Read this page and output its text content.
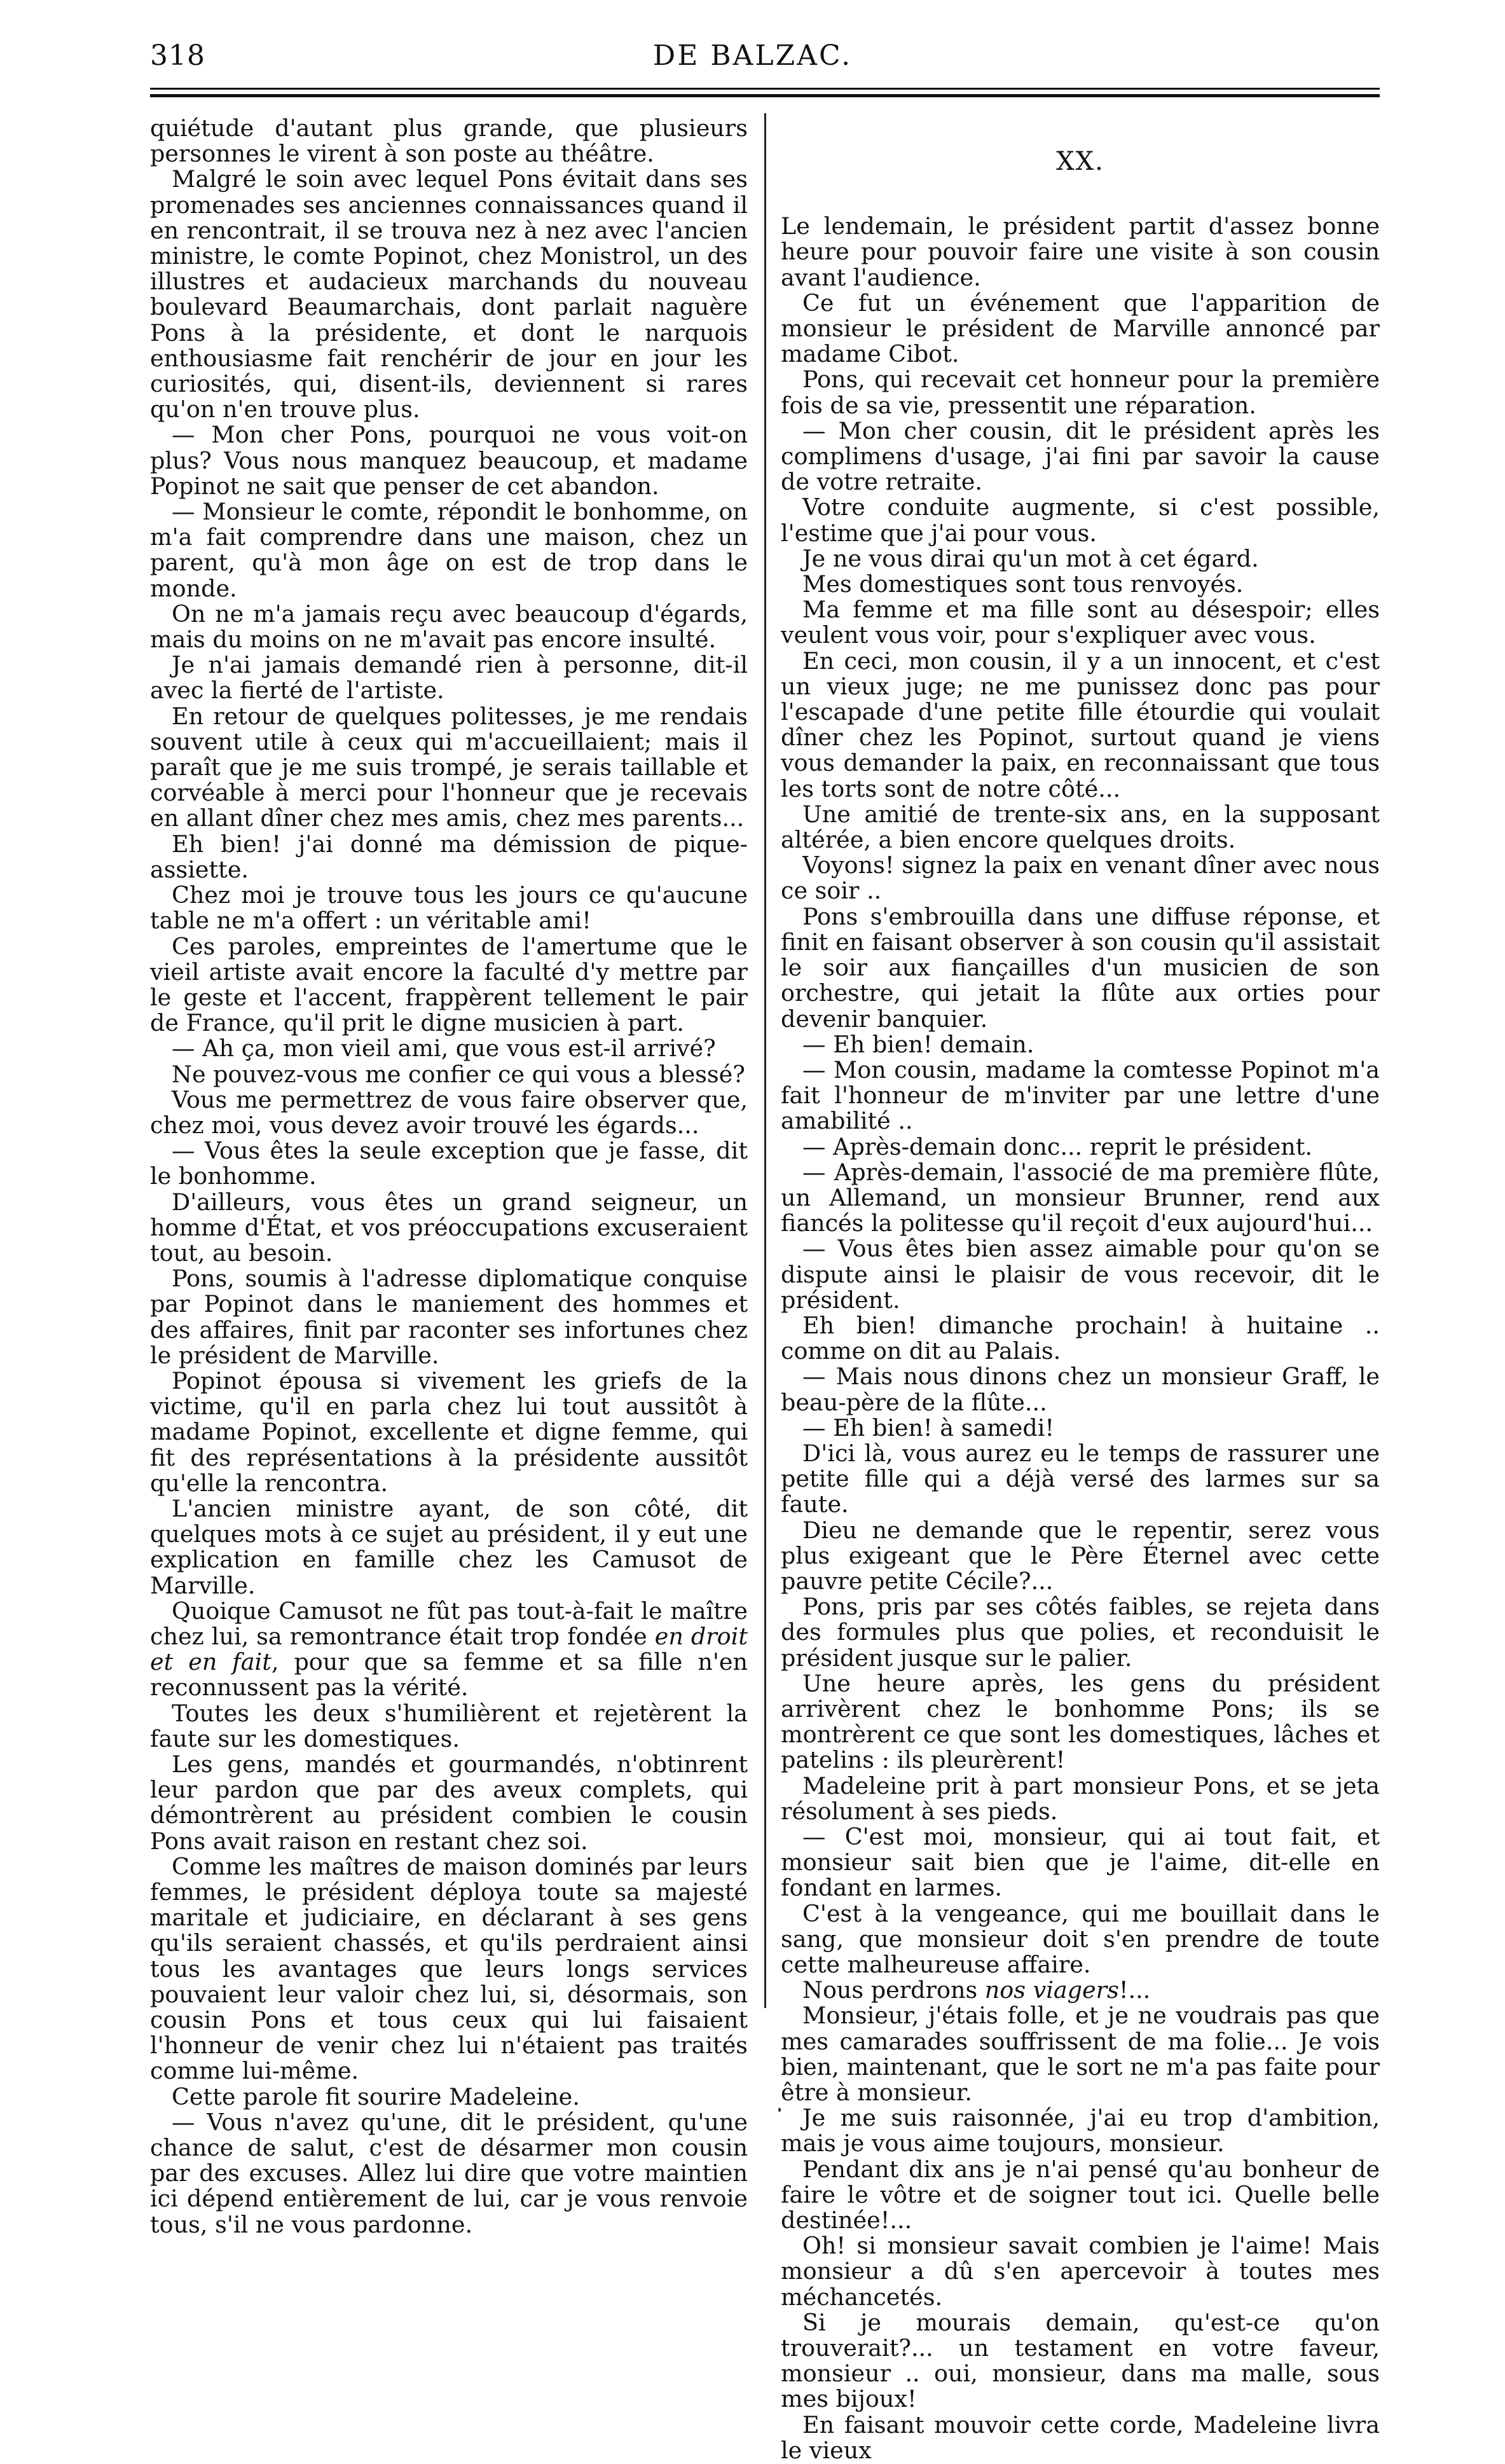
318	DE BALZAC.

quiétude d'autant plus grande, que plusieurs personnes le virent à son poste au théâtre.

Malgré le soin avec lequel Pons évitait dans ses promenades ses anciennes connaissances quand il en rencontrait, il se trouva nez à nez avec l'ancien ministre, le comte Popinot, chez Monistrol, un des illustres et audacieux marchands du nouveau boulevard Beaumarchais, dont parlait naguère Pons à la présidente, et dont le narquois enthousiasme fait renchérir de jour en jour les curiosités, qui, disent-ils, deviennent si rares qu'on n'en trouve plus.

— Mon cher Pons, pourquoi ne vous voit-on plus? Vous nous manquez beaucoup, et madame Popinot ne sait que penser de cet abandon.

— Monsieur le comte, répondit le bonhomme, on m'a fait comprendre dans une maison, chez un parent, qu'à mon âge on est de trop dans le monde.

On ne m'a jamais reçu avec beaucoup d'égards, mais du moins on ne m'avait pas encore insulté.

Je n'ai jamais demandé rien à personne, dit-il avec la fierté de l'artiste.

En retour de quelques politesses, je me rendais souvent utile à ceux qui m'accueillaient; mais il paraît que je me suis trompé, je serais taillable et corvéable à merci pour l'honneur que je recevais en allant dîner chez mes amis, chez mes parents...

Eh bien! j'ai donné ma démission de pique-assiette.

Chez moi je trouve tous les jours ce qu'aucune table ne m'a offert : un véritable ami!

Ces paroles, empreintes de l'amertume que le vieil artiste avait encore la faculté d'y mettre par le geste et l'accent, frappèrent tellement le pair de France, qu'il prit le digne musicien à part.

— Ah ça, mon vieil ami, que vous est-il arrivé?

Ne pouvez-vous me confier ce qui vous a blessé?

Vous me permettrez de vous faire observer que, chez moi, vous devez avoir trouvé les égards...

— Vous êtes la seule exception que je fasse, dit le bonhomme.

D'ailleurs, vous êtes un grand seigneur, un homme d'État, et vos préoccupations excuseraient tout, au besoin.

Pons, soumis à l'adresse diplomatique conquise par Popinot dans le maniement des hommes et des affaires, finit par raconter ses infortunes chez le président de Marville.

Popinot épousa si vivement les griefs de la victime, qu'il en parla chez lui tout aussitôt à madame Popinot, excellente et digne femme, qui fit des représentations à la présidente aussitôt qu'elle la rencontra.

L'ancien ministre ayant, de son côté, dit quelques mots à ce sujet au président, il y eut une explication en famille chez les Camusot de Marville.

Quoique Camusot ne fût pas tout-à-fait le maître chez lui, sa remontrance était trop fondée en droit et en fait, pour que sa femme et sa fille n'en reconnussent pas la vérité.

Toutes les deux s'humilièrent et rejetèrent la faute sur les domestiques.

Les gens, mandés et gourmandés, n'obtinrent leur pardon que par des aveux complets, qui démontrèrent au président combien le cousin Pons avait raison en restant chez soi.

Comme les maîtres de maison dominés par leurs femmes, le président déploya toute sa majesté maritale et judiciaire, en déclarant à ses gens qu'ils seraient chassés, et qu'ils perdraient ainsi tous les avantages que leurs longs services pouvaient leur valoir chez lui, si, désormais, son cousin Pons et tous ceux qui lui faisaient l'honneur de venir chez lui n'étaient pas traités comme lui-même.

Cette parole fit sourire Madeleine.

— Vous n'avez qu'une, dit le président, qu'une chance de salut, c'est de désarmer mon cousin par des excuses. Allez lui dire que votre maintien ici dépend entièrement de lui, car je vous renvoie tous, s'il ne vous pardonne.

XX.

Le lendemain, le président partit d'assez bonne heure pour pouvoir faire une visite à son cousin avant l'audience.

Ce fut un événement que l'apparition de monsieur le président de Marville annoncé par madame Cibot.

Pons, qui recevait cet honneur pour la première fois de sa vie, pressentit une réparation.

— Mon cher cousin, dit le président après les complimens d'usage, j'ai fini par savoir la cause de votre retraite.

Votre conduite augmente, si c'est possible, l'estime que j'ai pour vous.

Je ne vous dirai qu'un mot à cet égard.

Mes domestiques sont tous renvoyés.

Ma femme et ma fille sont au désespoir; elles veulent vous voir, pour s'expliquer avec vous.

En ceci, mon cousin, il y a un innocent, et c'est un vieux juge; ne me punissez donc pas pour l'escapade d'une petite fille étourdie qui voulait dîner chez les Popinot, surtout quand je viens vous demander la paix, en reconnaissant que tous les torts sont de notre côté...

Une amitié de trente-six ans, en la supposant altérée, a bien encore quelques droits.

Voyons! signez la paix en venant dîner avec nous ce soir ..

Pons s'embrouilla dans une diffuse réponse, et finit en faisant observer à son cousin qu'il assistait le soir aux fiançailles d'un musicien de son orchestre, qui jetait la flûte aux orties pour devenir banquier.

— Eh bien! demain.

— Mon cousin, madame la comtesse Popinot m'a fait l'honneur de m'inviter par une lettre d'une amabilité ..

— Après-demain donc... reprit le président.

— Après-demain, l'associé de ma première flûte, un Allemand, un monsieur Brunner, rend aux fiancés la politesse qu'il reçoit d'eux aujourd'hui...

— Vous êtes bien assez aimable pour qu'on se dispute ainsi le plaisir de vous recevoir, dit le président.

Eh bien! dimanche prochain! à huitaine .. comme on dit au Palais.

— Mais nous dinons chez un monsieur Graff, le beau-père de la flûte...

— Eh bien! à samedi!

D'ici là, vous aurez eu le temps de rassurer une petite fille qui a déjà versé des larmes sur sa faute.

Dieu ne demande que le repentir, serez vous plus exigeant que le Père Éternel avec cette pauvre petite Cécile?...

Pons, pris par ses côtés faibles, se rejeta dans des formules plus que polies, et reconduisit le président jusque sur le palier.

Une heure après, les gens du président arrivèrent chez le bonhomme Pons; ils se montrèrent ce que sont les domestiques, lâches et patelins : ils pleurèrent!

Madeleine prit à part monsieur Pons, et se jeta résolument à ses pieds.

— C'est moi, monsieur, qui ai tout fait, et monsieur sait bien que je l'aime, dit-elle en fondant en larmes.

C'est à la vengeance, qui me bouillait dans le sang, que monsieur doit s'en prendre de toute cette malheureuse affaire.

Nous perdrons nos viagers!...

Monsieur, j'étais folle, et je ne voudrais pas que mes camarades souffrissent de ma folie... Je vois bien, maintenant, que le sort ne m'a pas faite pour être à monsieur.

Je me suis raisonnée, j'ai eu trop d'ambition, mais je vous aime toujours, monsieur.

Pendant dix ans je n'ai pensé qu'au bonheur de faire le vôtre et de soigner tout ici. Quelle belle destinée!...

Oh! si monsieur savait combien je l'aime! Mais monsieur a dû s'en apercevoir à toutes mes méchancetés.

Si je mourais demain, qu'est-ce qu'on trouverait?... un testament en votre faveur, monsieur .. oui, monsieur, dans ma malle, sous mes bijoux!

En faisant mouvoir cette corde, Madeleine livra le vieux
